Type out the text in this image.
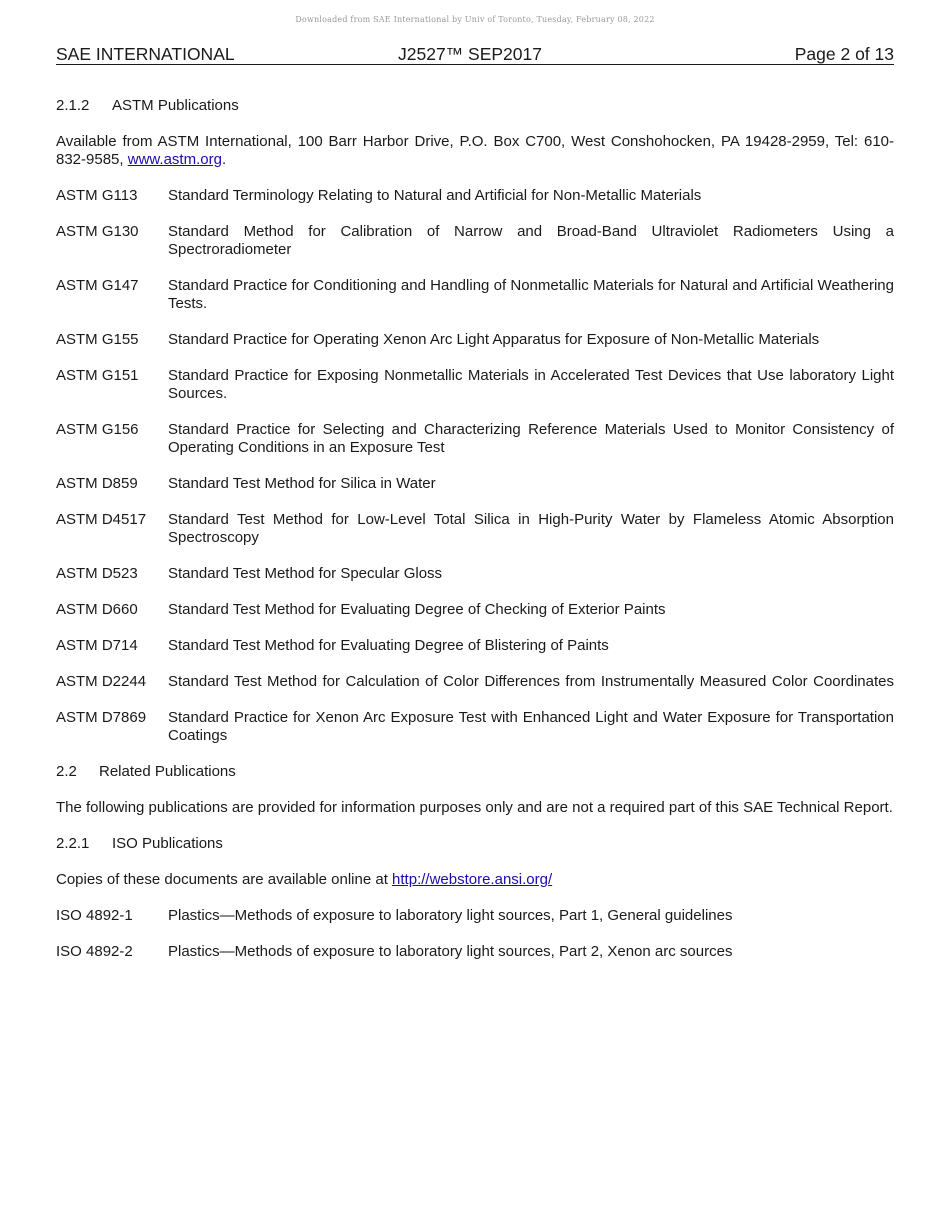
Downloaded from SAE International by Univ of Toronto, Tuesday, February 08, 2022
SAE INTERNATIONAL	J2527™ SEP2017	Page 2 of 13
2.1.2 ASTM Publications

Available from ASTM International, 100 Barr Harbor Drive, P.O. Box C700, West Conshohocken, PA 19428-2959, Tel: 610-832-9585, www.astm.org.

ASTM G113	Standard Terminology Relating to Natural and Artificial for Non-Metallic Materials
ASTM G130	Standard Method for Calibration of Narrow and Broad-Band Ultraviolet Radiometers Using a Spectroradiometer
ASTM G147	Standard Practice for Conditioning and Handling of Nonmetallic Materials for Natural and Artificial Weathering Tests.
ASTM G155	Standard Practice for Operating Xenon Arc Light Apparatus for Exposure of Non-Metallic Materials
ASTM G151	Standard Practice for Exposing Nonmetallic Materials in Accelerated Test Devices that Use laboratory Light Sources.
ASTM G156	Standard Practice for Selecting and Characterizing Reference Materials Used to Monitor Consistency of Operating Conditions in an Exposure Test
ASTM D859	Standard Test Method for Silica in Water
ASTM D4517	Standard Test Method for Low-Level Total Silica in High-Purity Water by Flameless Atomic Absorption Spectroscopy
ASTM D523	Standard Test Method for Specular Gloss
ASTM D660	Standard Test Method for Evaluating Degree of Checking of Exterior Paints
ASTM D714	Standard Test Method for Evaluating Degree of Blistering of Paints
ASTM D2244	Standard Test Method for Calculation of Color Differences from Instrumentally Measured Color Coordinates
ASTM D7869	Standard Practice for Xenon Arc Exposure Test with Enhanced Light and Water Exposure for Transportation Coatings
2.2 Related Publications

The following publications are provided for information purposes only and are not a required part of this SAE Technical Report.

2.2.1 ISO Publications

Copies of these documents are available online at http://webstore.ansi.org/

ISO 4892-1	Plastics—Methods of exposure to laboratory light sources, Part 1, General guidelines
ISO 4892-2	Plastics—Methods of exposure to laboratory light sources, Part 2, Xenon arc sources
